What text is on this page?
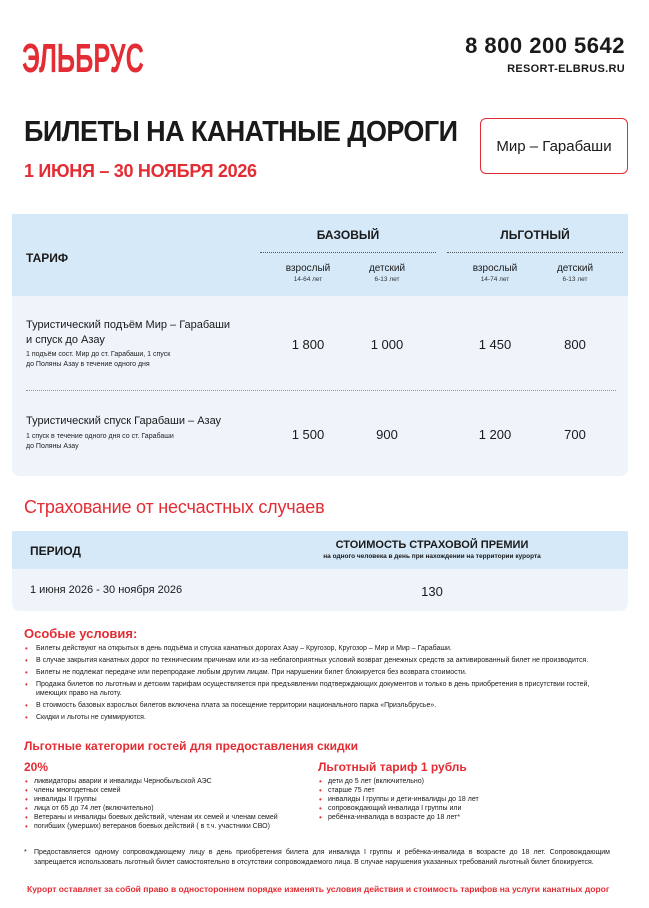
ЭЛЬБРУС	8 800 200 5642
RESORT-ELBRUS.RU
БИЛЕТЫ НА КАНАТНЫЕ ДОРОГИ
1 ИЮНЯ – 30 НОЯБРЯ 2026
Мир – Гарабаши
ТАРИФ
БАЗОВЫЙ	ЛЬГОТНЫЙ
взрослый
14-64 лет
детский
6-13 лет
взрослый
14-74 лет
детский
6-13 лет
Туристический подъём Мир – Гарабаши
и спуск до Азау
1 подъём сост. Мир до ст. Гарабаши, 1 спуск
до Поляны Азау в течение одного дня
1 800	1 000	1 450	800
Туристический спуск Гарабаши – Азау
1 спуск в течение одного дня со ст. Гарабаши
до Поляны Азау
1 500	900	1 200	700
Страхование от несчастных случаев
ПЕРИОД	СТОИМОСТЬ СТРАХОВОЙ ПРЕМИИ
на одного человека в день при нахождении на территории курорта
1 июня 2026 - 30 ноября 2026	130
Особые условия:
• Билеты действуют на открытых в день подъёма и спуска канатных дорогах Азау – Кругозор, Кругозор – Мир и Мир – Гарабаши.
• В случае закрытия канатных дорог по техническим причинам или из-за неблагоприятных условий возврат денежных средств за активированный билет не производится.
• Билеты не подлежат передаче или перепродаже любым другим лицам. При нарушении билет блокируется без возврата стоимости.
• Продажа билетов по льготным и детским тарифам осуществляется при предъявлении подтверждающих документов и только в день приобретения в присутствии гостей, имеющих право на льготу.
• В стоимость базовых взрослых билетов включена плата за посещение территории национального парка «Приэльбрусье».
• Скидки и льготы не суммируются.
Льготные категории гостей для предоставления скидки
20%
• ликвидаторы аварии и инвалиды Чернобыльской АЭС
• члены многодетных семей
• инвалиды II группы
• лица от 65 до 74 лет (включительно)
• Ветераны и инвалиды боевых действий, членам их семей и членам семей
• погибших (умерших) ветеранов боевых действий ( в т.ч. участники СВО)
Льготный тариф 1 рубль
• дети до 5 лет (включительно)
• старше 75 лет
• инвалиды I группы и дети-инвалиды до 18 лет
• сопровождающий инвалида I группы или
• ребёнка-инвалида в возрасте до 18 лет*
* Предоставляется одному сопровождающему лицу в день приобретения билета для инвалида I группы и ребёнка-инвалида в возрасте до 18 лет. Сопровождающим запрещается использовать льготный билет самостоятельно в отсутствии сопровождаемого лица. В случае нарушения указанных требований льготный билет блокируется.
Курорт оставляет за собой право в одностороннем порядке изменять условия действия и стоимость тарифов на услуги канатных дорог
